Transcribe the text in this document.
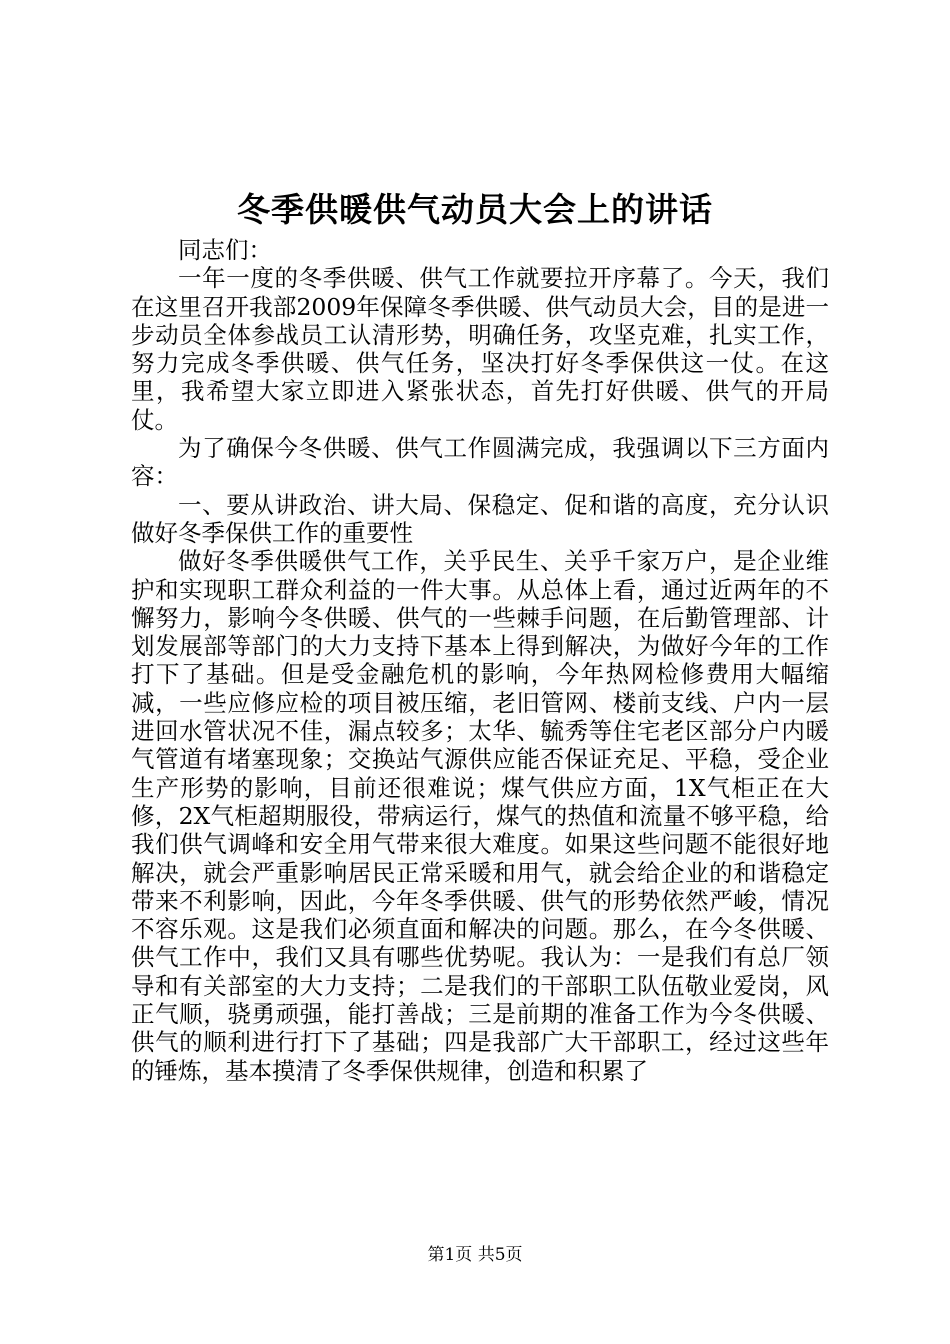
冬季供暖供气动员大会上的讲话

同志们：

一年一度的冬季供暖、供气工作就要拉开序幕了。今天，我们在这里召开我部2009年保障冬季供暖、供气动员大会，目的是进一步动员全体参战员工认清形势，明确任务，攻坚克难，扎实工作，努力完成冬季供暖、供气任务，坚决打好冬季保供这一仗。在这里，我希望大家立即进入紧张状态，首先打好供暖、供气的开局仗。

为了确保今冬供暖、供气工作圆满完成，我强调以下三方面内容：

一、要从讲政治、讲大局、保稳定、促和谐的高度，充分认识做好冬季保供工作的重要性

做好冬季供暖供气工作，关乎民生、关乎千家万户，是企业维护和实现职工群众利益的一件大事。从总体上看，通过近两年的不懈努力，影响今冬供暖、供气的一些棘手问题，在后勤管理部、计划发展部等部门的大力支持下基本上得到解决，为做好今年的工作打下了基础。但是受金融危机的影响，今年热网检修费用大幅缩减，一些应修应检的项目被压缩，老旧管网、楼前支线、户内一层进回水管状况不佳，漏点较多；太华、毓秀等住宅老区部分户内暖气管道有堵塞现象；交换站气源供应能否保证充足、平稳，受企业生产形势的影响，目前还很难说；煤气供应方面，1X气柜正在大修，2X气柜超期服役，带病运行，煤气的热值和流量不够平稳，给我们供气调峰和安全用气带来很大难度。如果这些问题不能很好地解决，就会严重影响居民正常采暖和用气，就会给企业的和谐稳定带来不利影响，因此，今年冬季供暖、供气的形势依然严峻，情况不容乐观。这是我们必须直面和解决的问题。那么，在今冬供暖、供气工作中，我们又具有哪些优势呢。我认为：一是我们有总厂领导和有关部室的大力支持；二是我们的干部职工队伍敬业爱岗，风正气顺，骁勇顽强，能打善战；三是前期的准备工作为今冬供暖、供气的顺利进行打下了基础；四是我部广大干部职工，经过这些年的锤炼，基本摸清了冬季保供规律，创造和积累了

第1页 共5页
